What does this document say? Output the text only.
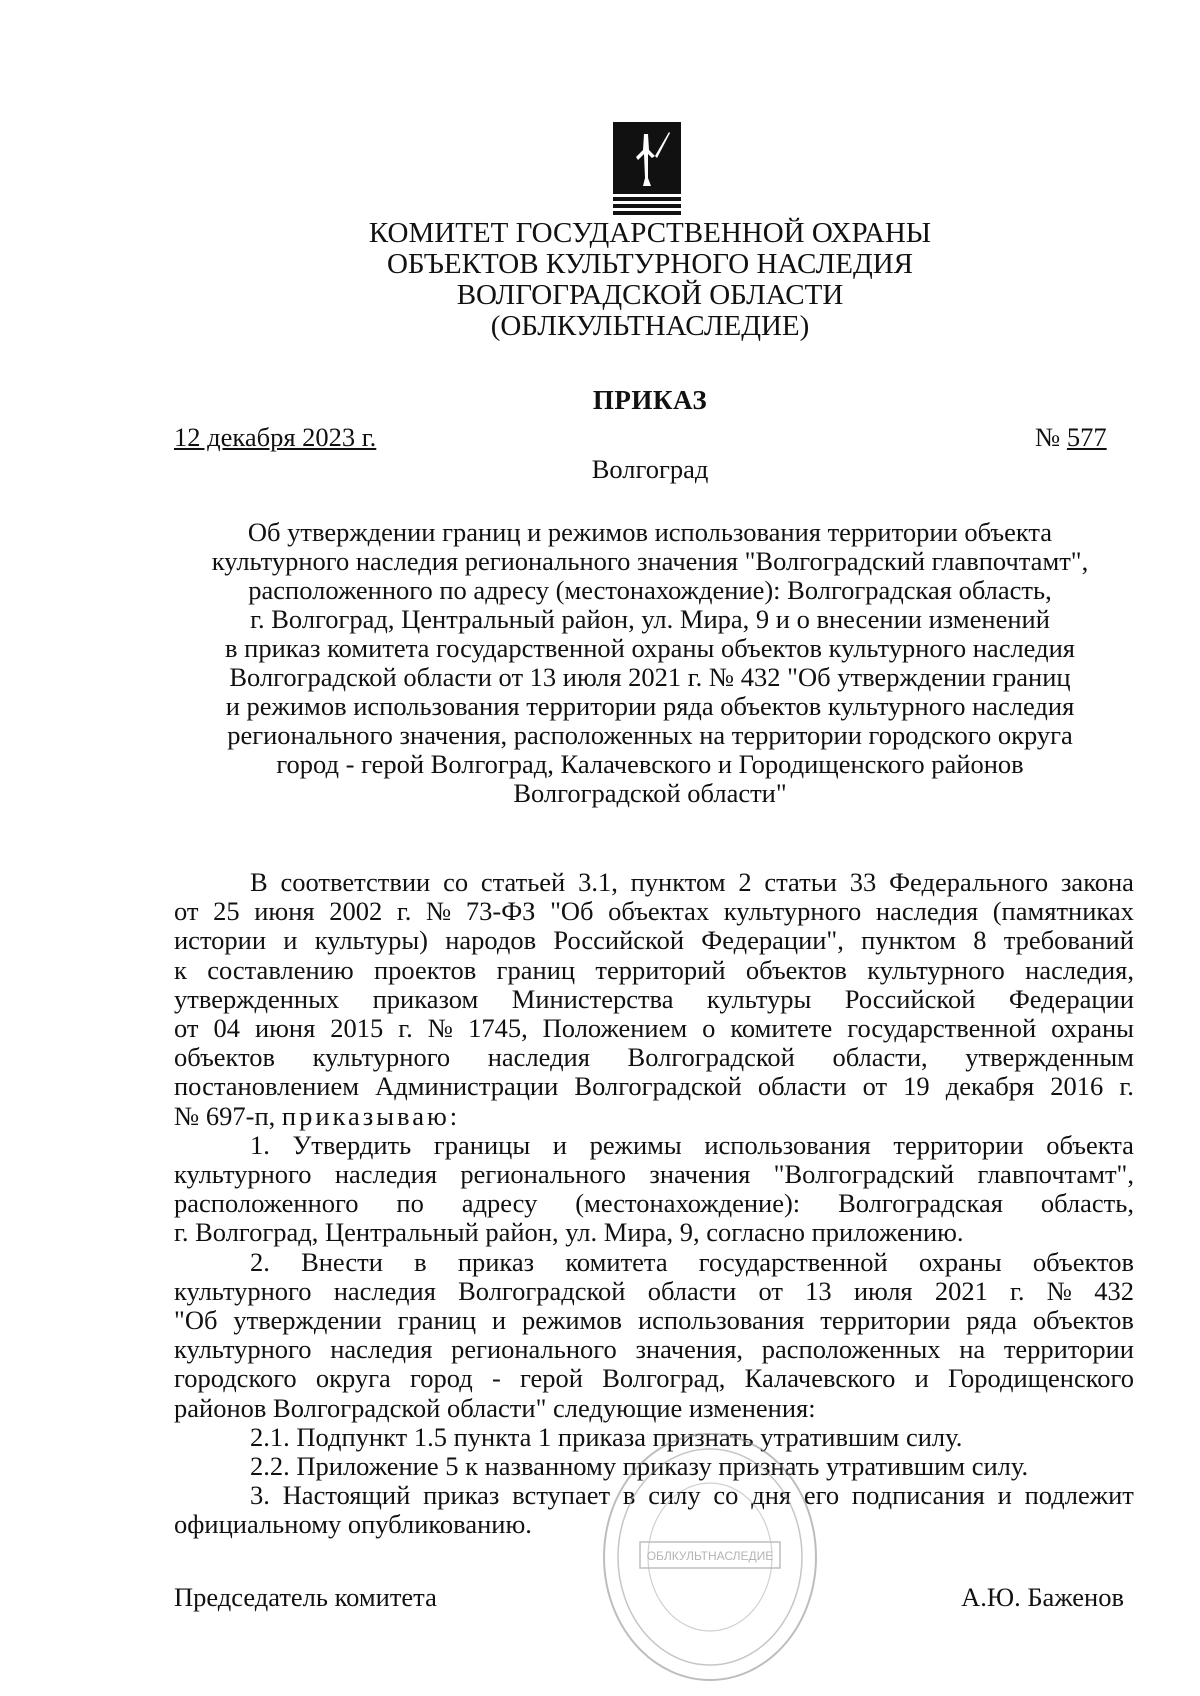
КОМИТЕТ ГОСУДАРСТВЕННОЙ ОХРАНЫ
ОБЪЕКТОВ КУЛЬТУРНОГО НАСЛЕДИЯ
ВОЛГОГРАДСКОЙ ОБЛАСТИ
(ОБЛКУЛЬТНАСЛЕДИЕ)
ПРИКАЗ
12 декабря 2023 г.	№ 577
Волгоград
Об утверждении границ и режимов использования территории объекта
культурного наследия регионального значения "Волгоградский главпочтамт",
расположенного по адресу (местонахождение): Волгоградская область,
г. Волгоград, Центральный район, ул. Мира, 9 и о внесении изменений
в приказ комитета государственной охраны объектов культурного наследия
Волгоградской области от 13 июля 2021 г. № 432 "Об утверждении границ
и режимов использования территории ряда объектов культурного наследия
регионального значения, расположенных на территории городского округа
город - герой Волгоград, Калачевского и Городищенского районов
Волгоградской области"
В соответствии со статьей 3.1, пунктом 2 статьи 33 Федерального закона
от 25 июня 2002 г. № 73-ФЗ "Об объектах культурного наследия (памятниках
истории и культуры) народов Российской Федерации", пунктом 8 требований
к составлению проектов границ территорий объектов культурного наследия,
утвержденных приказом Министерства культуры Российской Федерации
от 04 июня 2015 г. № 1745, Положением о комитете государственной охраны
объектов культурного наследия Волгоградской области, утвержденным
постановлением Администрации Волгоградской области от 19 декабря 2016 г.
№ 697-п, приказываю:
1. Утвердить границы и режимы использования территории объекта
культурного наследия регионального значения "Волгоградский главпочтамт",
расположенного по адресу (местонахождение): Волгоградская область,
г. Волгоград, Центральный район, ул. Мира, 9, согласно приложению.
2. Внести в приказ комитета государственной охраны объектов
культурного наследия Волгоградской области от 13 июля 2021 г. № 432
"Об утверждении границ и режимов использования территории ряда объектов
культурного наследия регионального значения, расположенных на территории
городского округа город - герой Волгоград, Калачевского и Городищенского
районов Волгоградской области" следующие изменения:
2.1. Подпункт 1.5 пункта 1 приказа признать утратившим силу.
2.2. Приложение 5 к названному приказу признать утратившим силу.
3. Настоящий приказ вступает в силу со дня его подписания и подлежит
официальному опубликованию.
Председатель комитета	А.Ю. Баженов
ОБЛКУЛЬТНАСЛЕДИЕ
